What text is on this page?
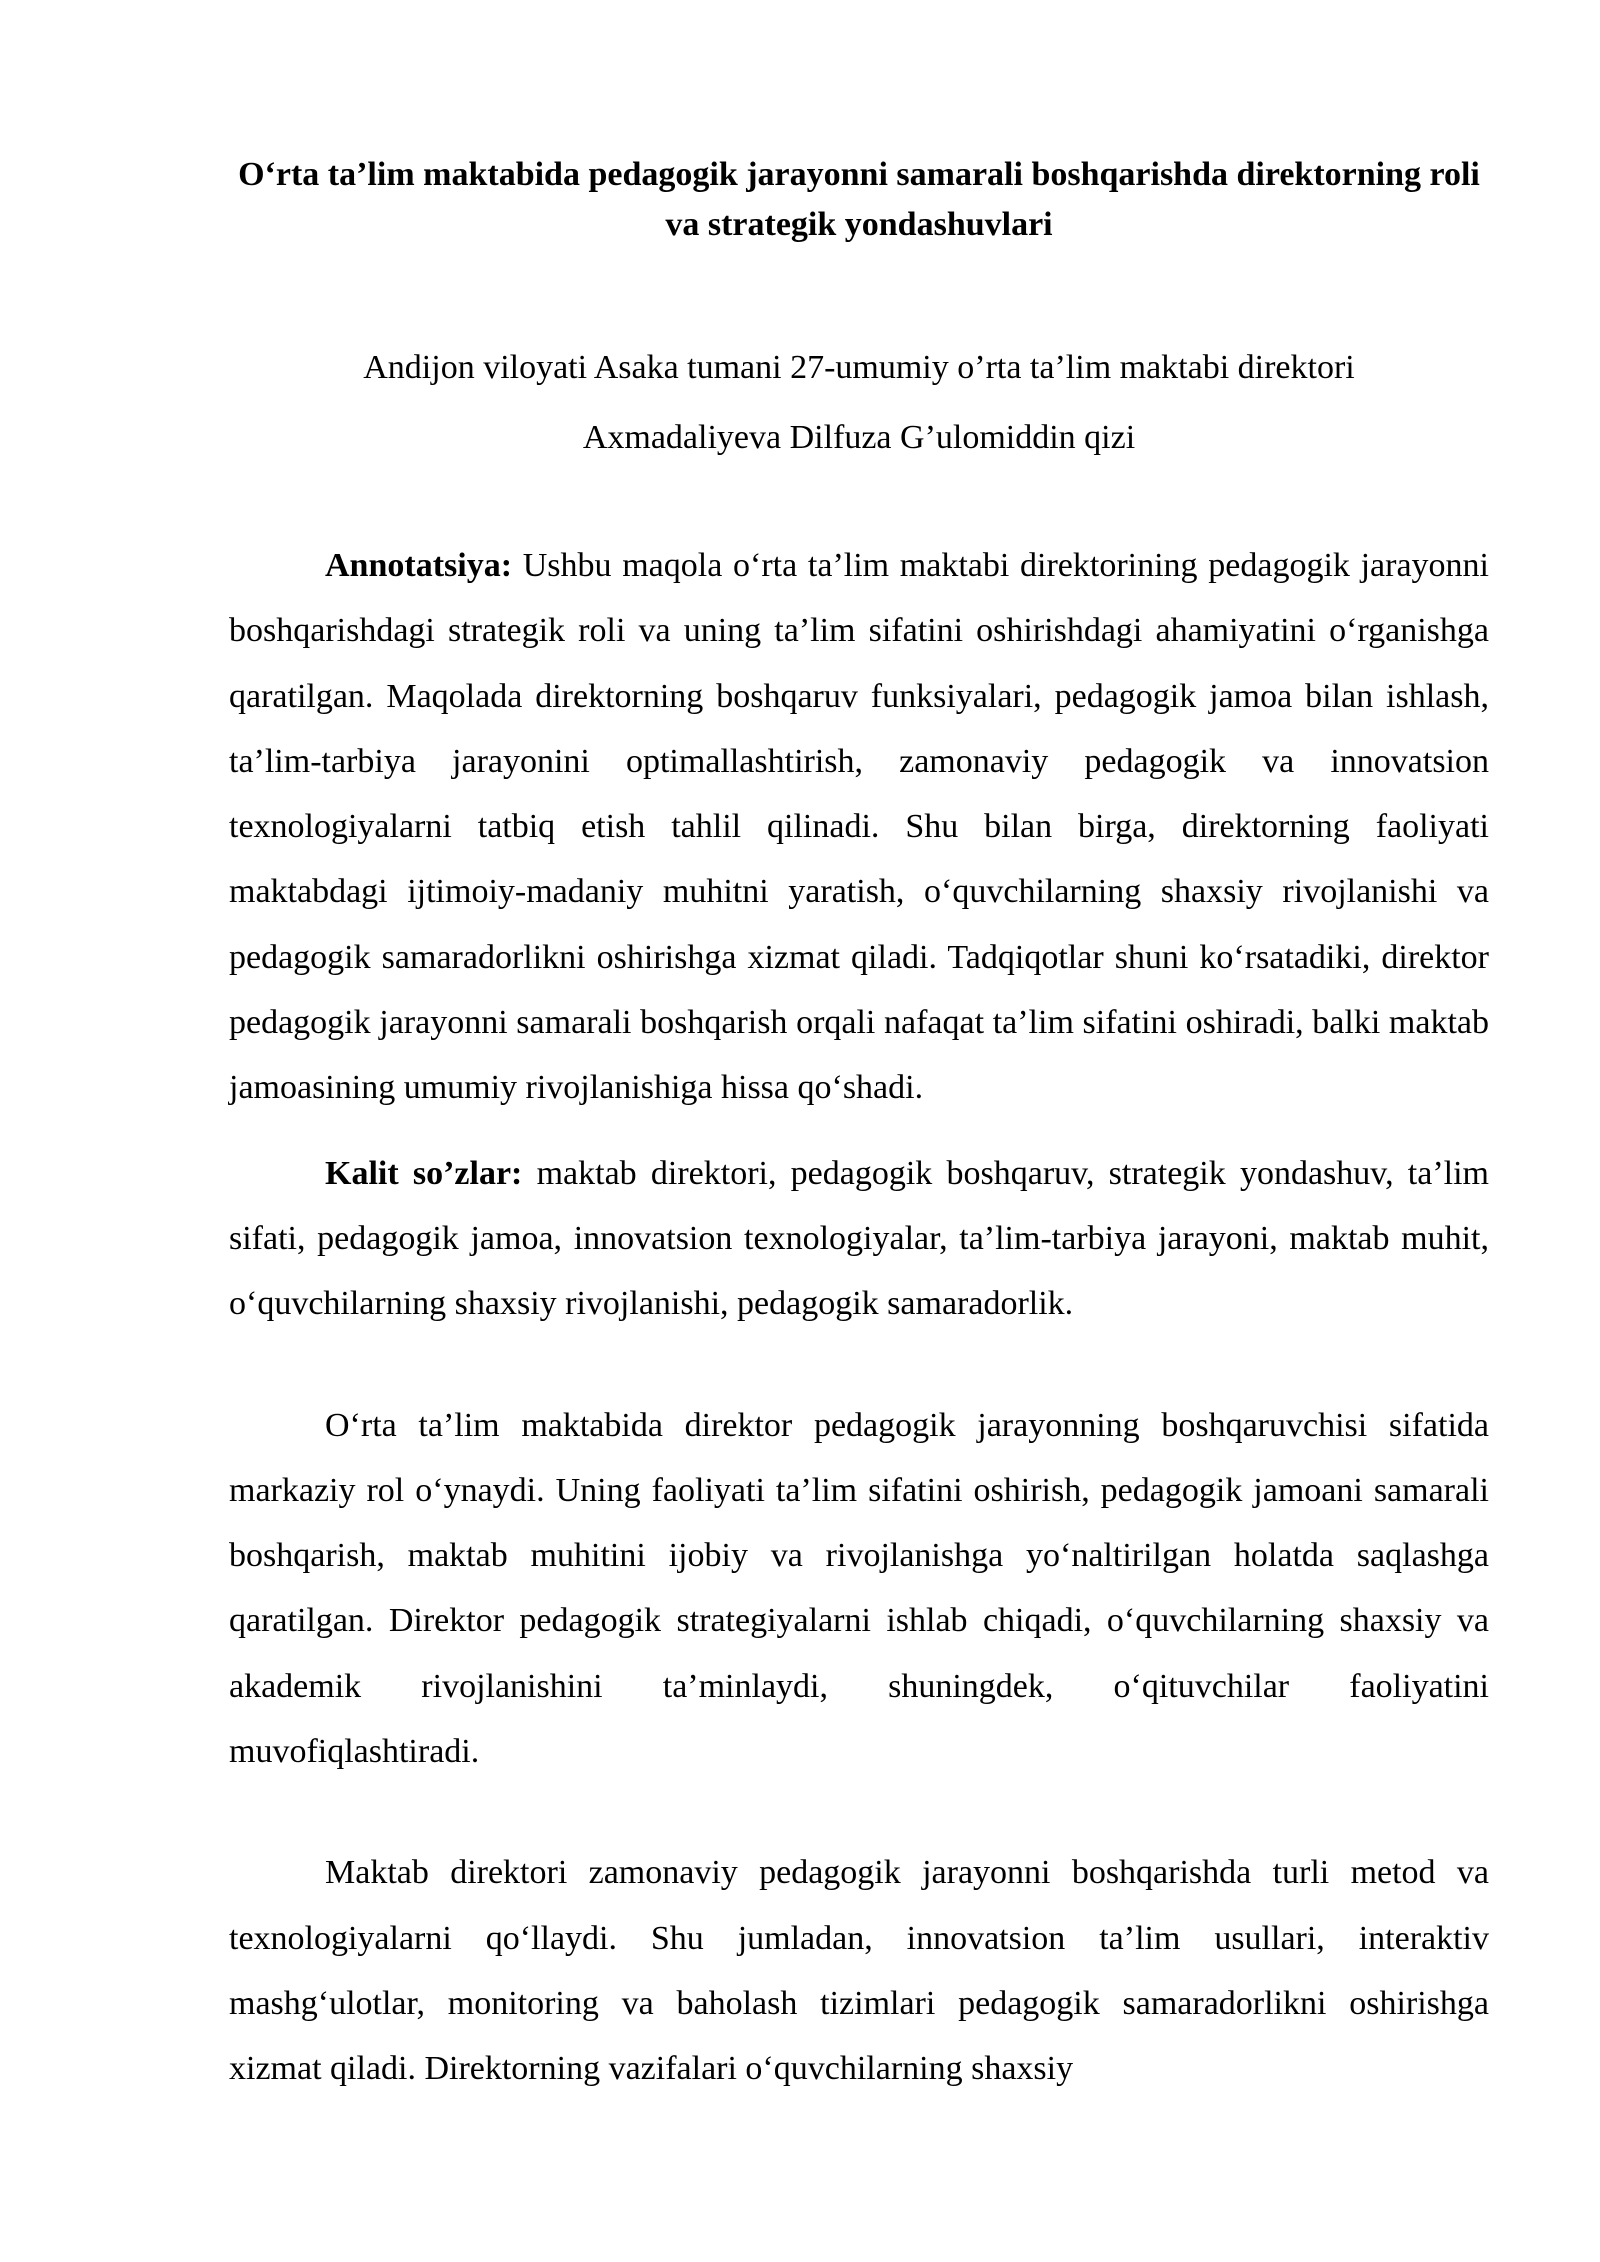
O‘rta ta’lim maktabida pedagogik jarayonni samarali boshqarishda direktorning roli va strategik yondashuvlari

Andijon viloyati Asaka tumani 27-umumiy o’rta ta’lim maktabi direktori

Axmadaliyeva Dilfuza G’ulomiddin qizi

Annotatsiya: Ushbu maqola o‘rta ta’lim maktabi direktorining pedagogik jarayonni boshqarishdagi strategik roli va uning ta’lim sifatini oshirishdagi ahamiyatini o‘rganishga qaratilgan. Maqolada direktorning boshqaruv funksiyalari, pedagogik jamoa bilan ishlash, ta’lim-tarbiya jarayonini optimallashtirish, zamonaviy pedagogik va innovatsion texnologiyalarni tatbiq etish tahlil qilinadi. Shu bilan birga, direktorning faoliyati maktabdagi ijtimoiy-madaniy muhitni yaratish, o‘quvchilarning shaxsiy rivojlanishi va pedagogik samaradorlikni oshirishga xizmat qiladi. Tadqiqotlar shuni ko‘rsatadiki, direktor pedagogik jarayonni samarali boshqarish orqali nafaqat ta’lim sifatini oshiradi, balki maktab jamoasining umumiy rivojlanishiga hissa qo‘shadi.

Kalit so’zlar: maktab direktori, pedagogik boshqaruv, strategik yondashuv, ta’lim sifati, pedagogik jamoa, innovatsion texnologiyalar, ta’lim-tarbiya jarayoni, maktab muhit, o‘quvchilarning shaxsiy rivojlanishi, pedagogik samaradorlik.

O‘rta ta’lim maktabida direktor pedagogik jarayonning boshqaruvchisi sifatida markaziy rol o‘ynaydi. Uning faoliyati ta’lim sifatini oshirish, pedagogik jamoani samarali boshqarish, maktab muhitini ijobiy va rivojlanishga yo‘naltirilgan holatda saqlashga qaratilgan. Direktor pedagogik strategiyalarni ishlab chiqadi, o‘quvchilarning shaxsiy va akademik rivojlanishini ta’minlaydi, shuningdek, o‘qituvchilar faoliyatini muvofiqlashtiradi.

Maktab direktori zamonaviy pedagogik jarayonni boshqarishda turli metod va texnologiyalarni qo‘llaydi. Shu jumladan, innovatsion ta’lim usullari, interaktiv mashg‘ulotlar, monitoring va baholash tizimlari pedagogik samaradorlikni oshirishga xizmat qiladi. Direktorning vazifalari o‘quvchilarning shaxsiy
